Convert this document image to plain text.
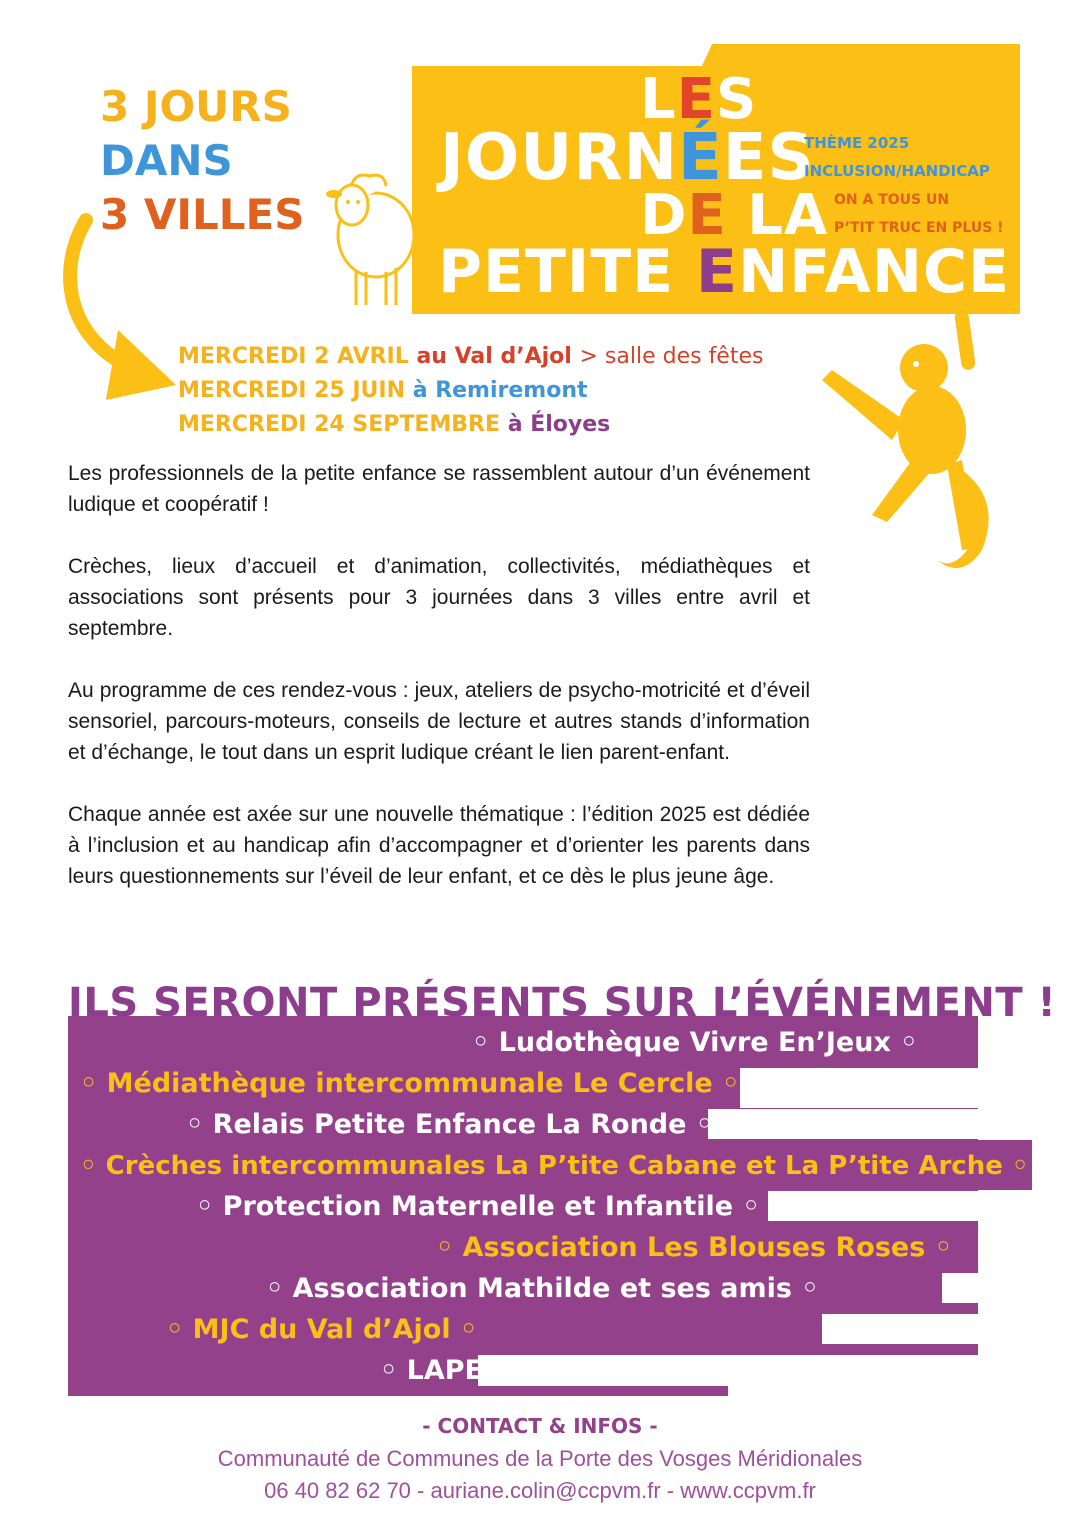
3 JOURS
DANS
3 VILLES
LES
JOURNÉES
DE LA
PETITE ENFANCE
THÈME 2025
INCLUSION/HANDICAP
ON A TOUS UN
P’TIT TRUC EN PLUS !
MERCREDI 2 AVRIL au Val d’Ajol > salle des fêtes
MERCREDI 25 JUIN à Remiremont
MERCREDI 24 SEPTEMBRE à Éloyes

Les professionnels de la petite enfance se rassemblent autour d’un événement ludique et coopératif !

Crèches, lieux d’accueil et d’animation, collectivités, médiathèques et associations sont présents pour 3 journées dans 3 villes entre avril et septembre.

Au programme de ces rendez-vous : jeux, ateliers de psycho-motricité et d’éveil sensoriel, parcours-moteurs, conseils de lecture et autres stands d’information et d’échange, le tout dans un esprit ludique créant le lien parent-enfant.

Chaque année est axée sur une nouvelle thématique : l’édition 2025 est dédiée à l’inclusion et au handicap afin d’accompagner et d’orienter les parents dans leurs questionnements sur l’éveil de leur enfant, et ce dès le plus jeune âge.

◦ Ludothèque Vivre En’Jeux ◦
◦ Médiathèque intercommunale Le Cercle ◦
◦ Relais Petite Enfance La Ronde ◦
◦ Crèches intercommunales La P’tite Cabane et La P’tite Arche ◦
◦ Protection Maternelle et Infantile ◦
◦ Association Les Blouses Roses ◦
◦ Association Mathilde et ses amis ◦
◦ MJC du Val d’Ajol ◦
◦ LAPE La Balançoire ◦
ILS SERONT PRÉSENTS SUR L’ÉVÉNEMENT !
- CONTACT & INFOS -
Communauté de Communes de la Porte des Vosges Méridionales
06 40 82 62 70 - auriane.colin@ccpvm.fr - www.ccpvm.fr
